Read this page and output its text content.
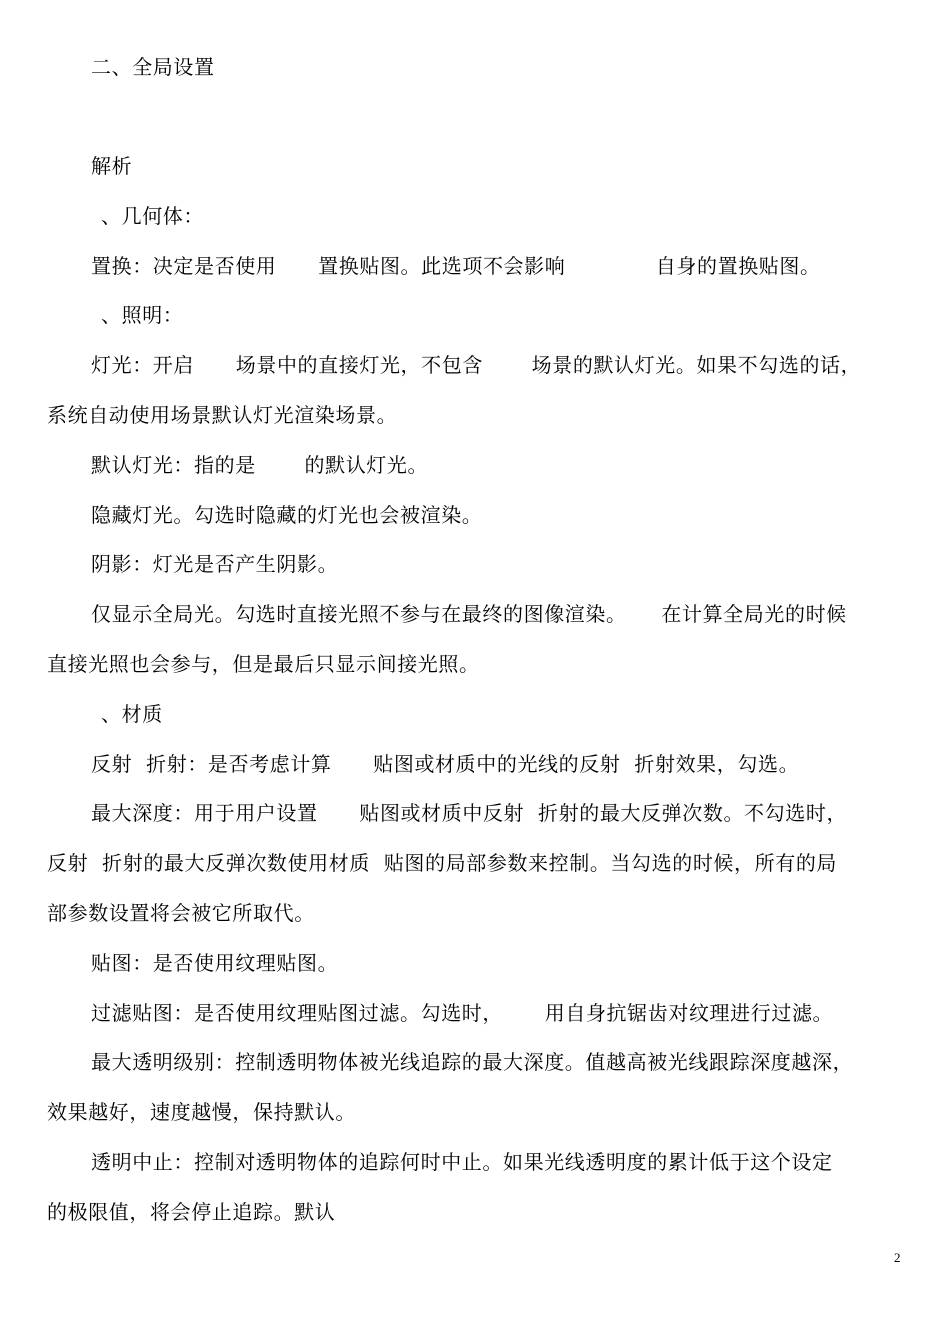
二、全局设置
解析
、几何体：
置换：决定是否使用      置换贴图。此选项不会影响             自身的置换贴图。
、照明：
灯光：开启      场景中的直接灯光，不包含       场景的默认灯光。如果不勾选的话，
系统自动使用场景默认灯光渲染场景。
默认灯光：指的是       的默认灯光。
隐藏灯光。勾选时隐藏的灯光也会被渲染。
阴影：灯光是否产生阴影。
仅显示全局光。勾选时直接光照不参与在最终的图像渲染。     在计算全局光的时候
直接光照也会参与，但是最后只显示间接光照。
、材质
反射  折射：是否考虑计算      贴图或材质中的光线的反射  折射效果，勾选。
最大深度：用于用户设置      贴图或材质中反射  折射的最大反弹次数。不勾选时，
反射  折射的最大反弹次数使用材质  贴图的局部参数来控制。当勾选的时候，所有的局
部参数设置将会被它所取代。
贴图：是否使用纹理贴图。
过滤贴图：是否使用纹理贴图过滤。勾选时，      用自身抗锯齿对纹理进行过滤。
最大透明级别：控制透明物体被光线追踪的最大深度。值越高被光线跟踪深度越深，
效果越好，速度越慢，保持默认。
透明中止：控制对透明物体的追踪何时中止。如果光线透明度的累计低于这个设定
的极限值，将会停止追踪。默认
2
